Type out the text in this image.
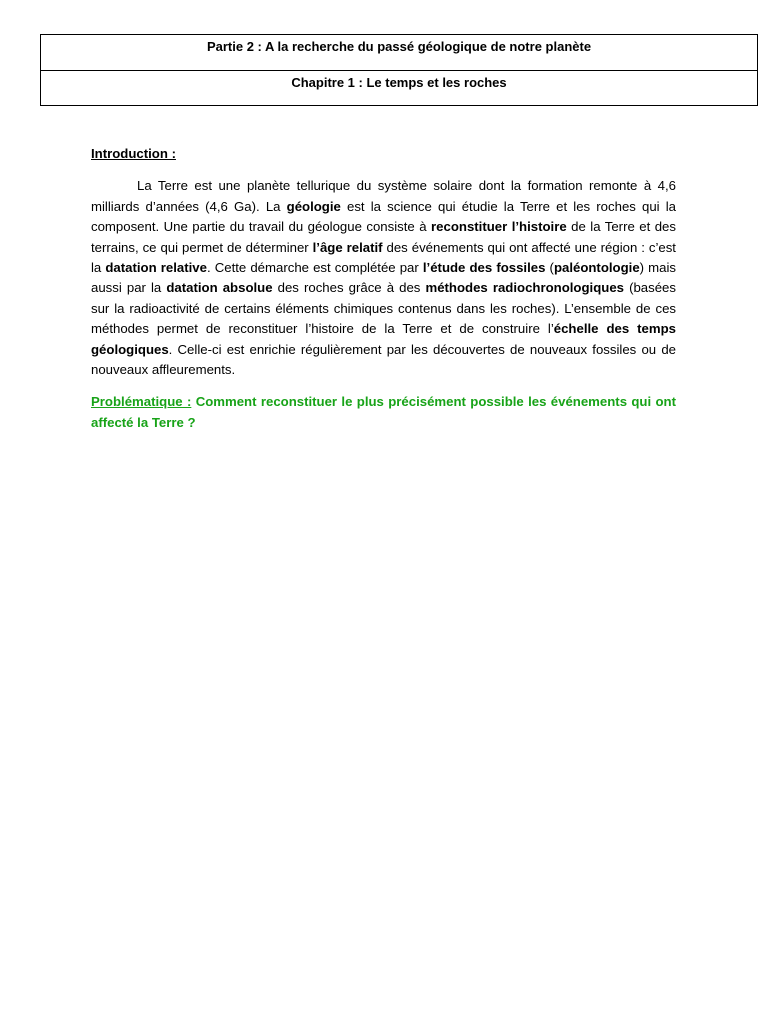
Partie 2 : A la recherche du passé géologique de notre planète
Chapitre 1 : Le temps et les roches

Introduction :

La Terre est une planète tellurique du système solaire dont la formation remonte à 4,6 milliards d’années (4,6 Ga). La géologie est la science qui étudie la Terre et les roches qui la composent. Une partie du travail du géologue consiste à reconstituer l’histoire de la Terre et des terrains, ce qui permet de déterminer l’âge relatif des événements qui ont affecté une région : c’est la datation relative. Cette démarche est complétée par l’étude des fossiles (paléontologie) mais aussi par la datation absolue des roches grâce à des méthodes radiochronologiques (basées sur la radioactivité de certains éléments chimiques contenus dans les roches). L’ensemble de ces méthodes permet de reconstituer l’histoire de la Terre et de construire l’échelle des temps géologiques. Celle-ci est enrichie régulièrement par les découvertes de nouveaux fossiles ou de nouveaux affleurements.

Problématique : Comment reconstituer le plus précisément possible les événements qui ont affecté la Terre ?
